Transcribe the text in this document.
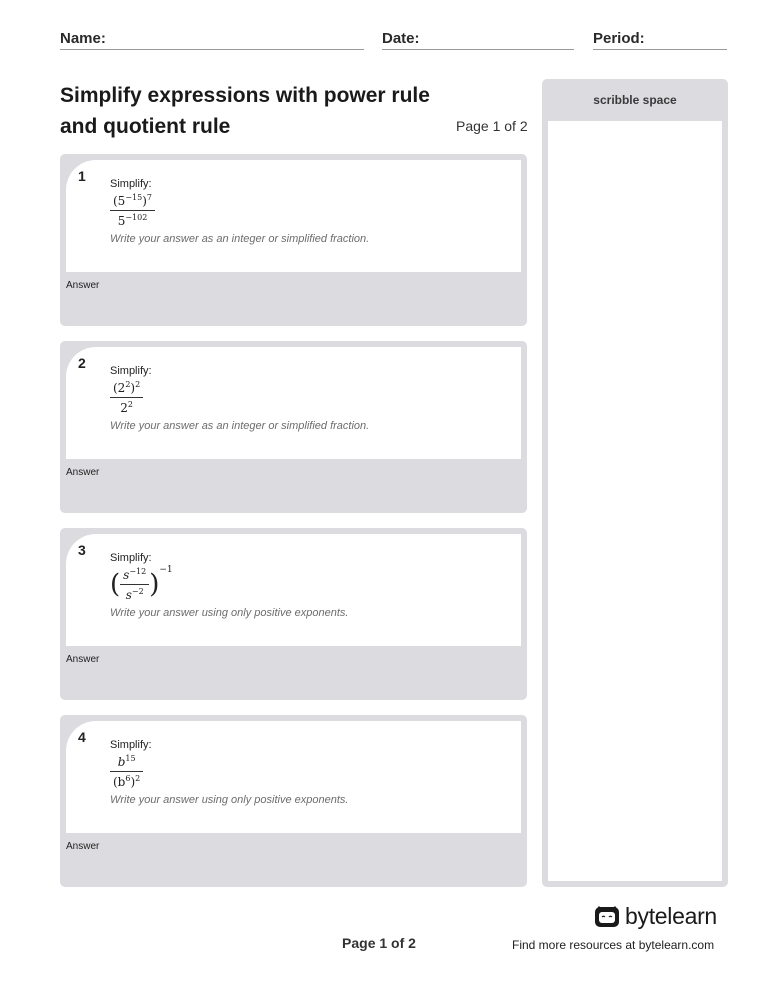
Name:	Date:	Period:
Simplify expressions with power rule and quotient rule	Page 1 of 2
scribble space
1 Simplify:
$\frac{(5^{-15})^7}{5^{-102}}$
Write your answer as an integer or simplified fraction.
Answer
2 Simplify:
$\frac{(2^2)^2}{2^2}$
Write your answer as an integer or simplified fraction.
Answer
3 Simplify:
( $\frac{s^{-12}}{s^{-2}} )^{-1}$
Write your answer using only positive exponents.
Answer
4 Simplify:
$\frac{b^{15}}{(b^6)^2}$
Write your answer using only positive exponents.
Answer
Page 1 of 2
bytelearn
Find more resources at bytelearn.com
